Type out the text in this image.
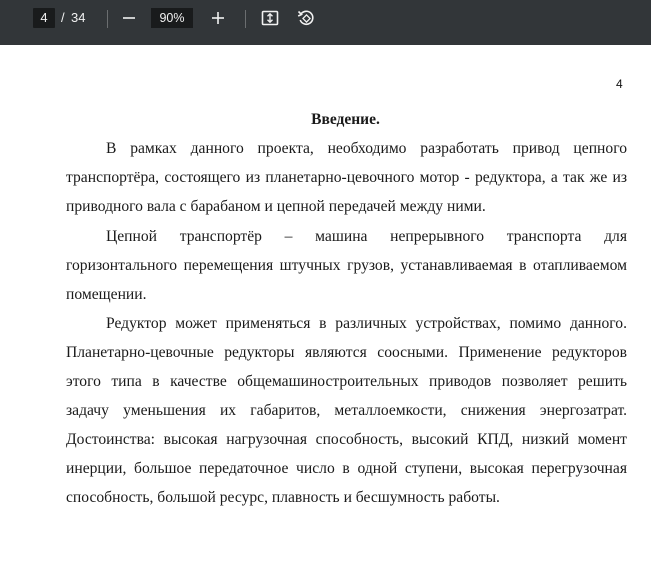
4	/ 34	90%
4
Введение.

В рамках данного проекта, необходимо разработать привод цепного транспортёра, состоящего из планетарно-цевочного мотор - редуктора, а так же из приводного вала с барабаном и цепной передачей между ними.

Цепной транспортёр – машина непрерывного транспорта для горизонтального перемещения штучных грузов, устанавливаемая в отапливаемом помещении.

Редуктор может применяться в различных устройствах, помимо данного. Планетарно-цевочные редукторы являются соосными. Применение редукторов этого типа в качестве общемашиностроительных приводов позволяет решить задачу уменьшения их габаритов, металлоемкости, снижения энергозатрат. Достоинства: высокая нагрузочная способность, высокий КПД, низкий момент инерции, большое передаточное число в одной ступени, высокая перегрузочная способность, большой ресурс, плавность и бесшумность работы.
